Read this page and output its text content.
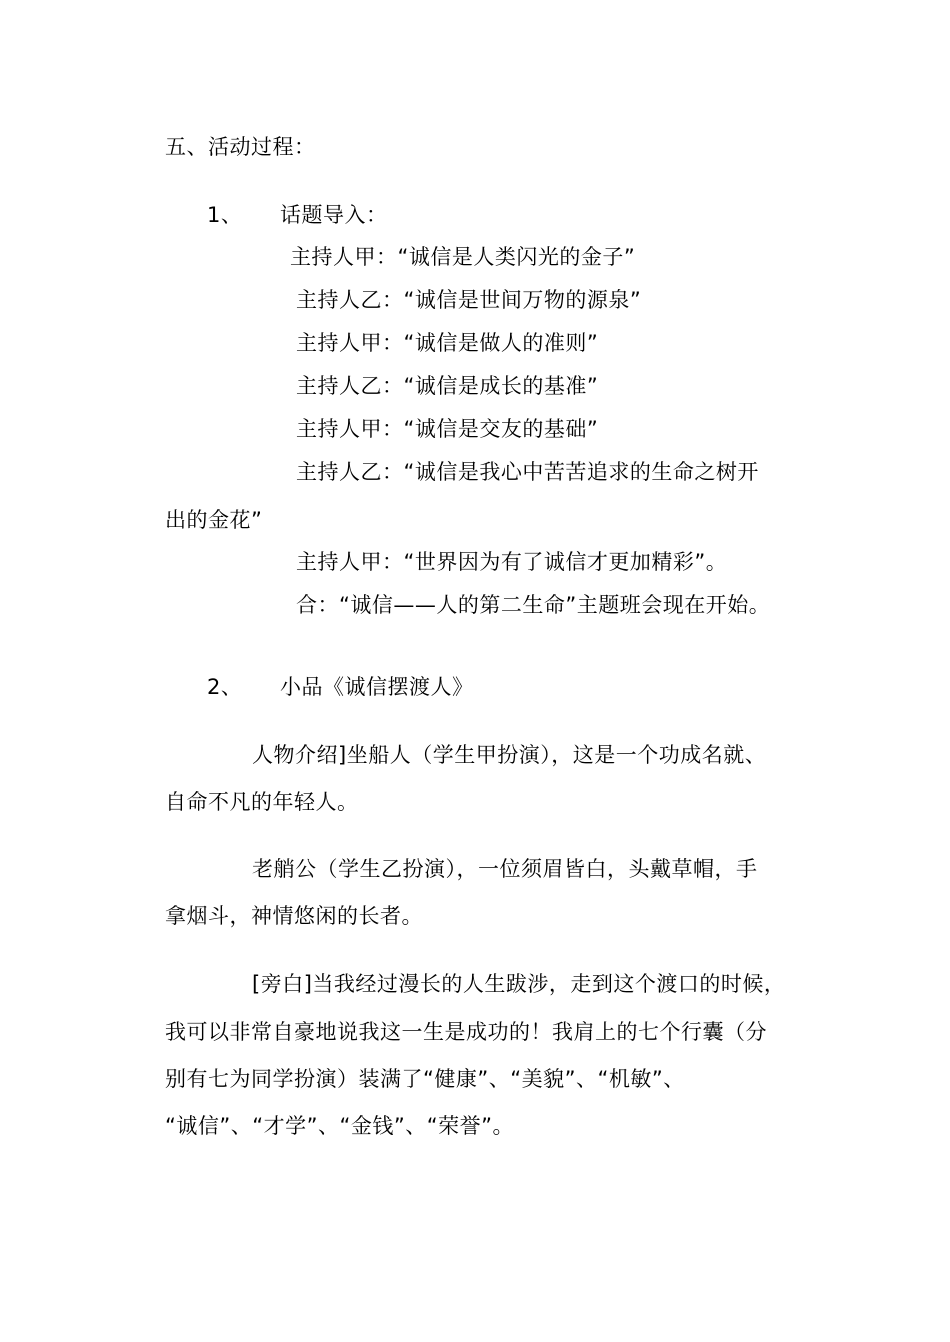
五、活动过程：
1、 话题导入：
主持人甲：“诚信是人类闪光的金子”
主持人乙：“诚信是世间万物的源泉”
主持人甲：“诚信是做人的准则”
主持人乙：“诚信是成长的基准”
主持人甲：“诚信是交友的基础”
主持人乙：“诚信是我心中苦苦追求的生命之树开
出的金花”
主持人甲：“世界因为有了诚信才更加精彩”。
合：“诚信——人的第二生命”主题班会现在开始。
2、 小品《诚信摆渡人》
人物介绍]坐船人（学生甲扮演），这是一个功成名就、
自命不凡的年轻人。
老艄公（学生乙扮演），一位须眉皆白，头戴草帽，手
拿烟斗，神情悠闲的长者。
[旁白]当我经过漫长的人生跋涉，走到这个渡口的时候，
我可以非常自豪地说我这一生是成功的！我肩上的七个行囊（分
别有七为同学扮演）装满了“健康”、“美貌”、“机敏”、
“诚信”、“才学”、“金钱”、“荣誉”。
